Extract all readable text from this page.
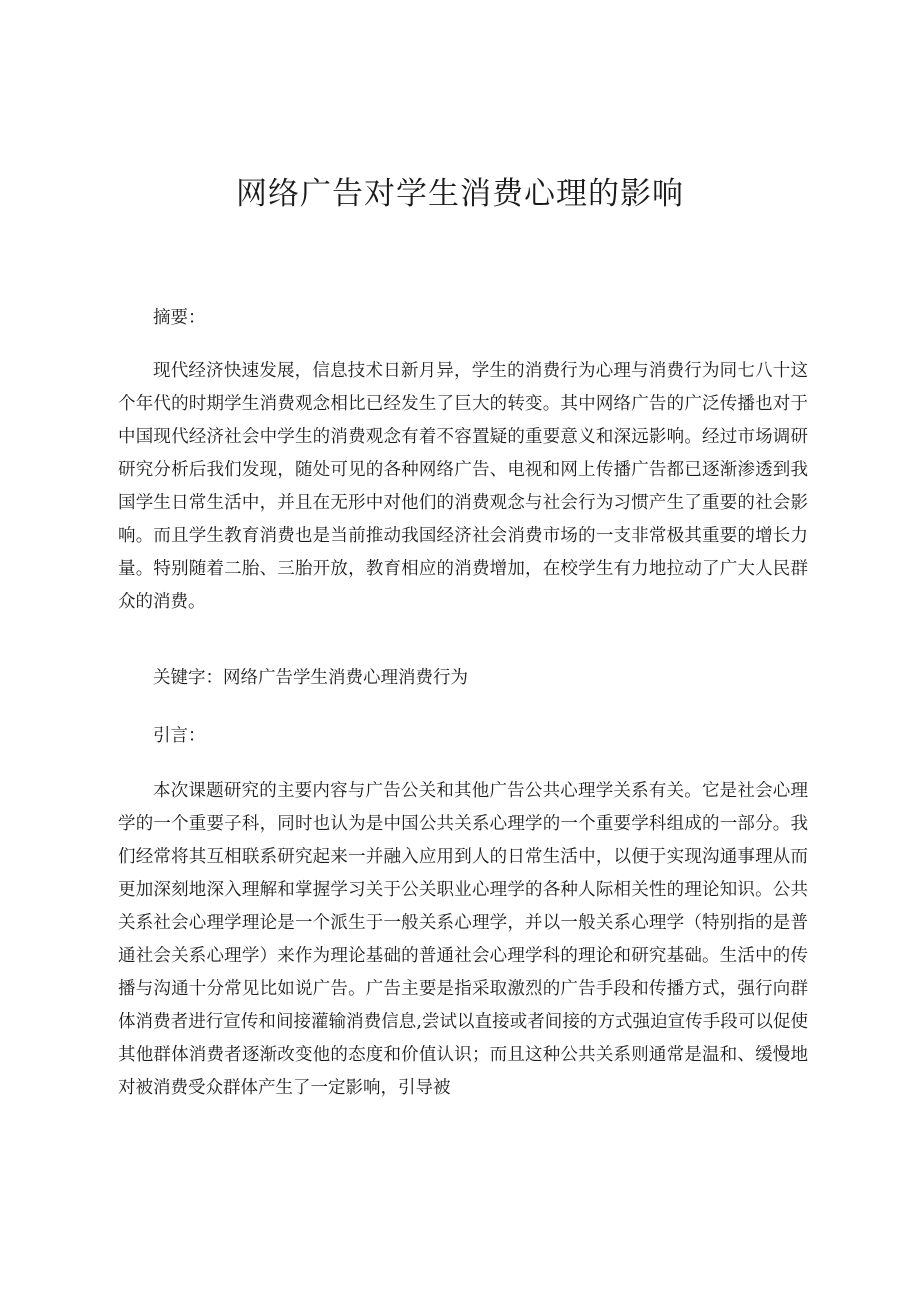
网络广告对学生消费心理的影响

摘要：

现代经济快速发展，信息技术日新月异，学生的消费行为心理与消费行为同七八十这个年代的时期学生消费观念相比已经发生了巨大的转变。其中网络广告的广泛传播也对于中国现代经济社会中学生的消费观念有着不容置疑的重要意义和深远影响。经过市场调研研究分析后我们发现，随处可见的各种网络广告、电视和网上传播广告都已逐渐渗透到我国学生日常生活中，并且在无形中对他们的消费观念与社会行为习惯产生了重要的社会影响。而且学生教育消费也是当前推动我国经济社会消费市场的一支非常极其重要的增长力量。特别随着二胎、三胎开放，教育相应的消费增加，在校学生有力地拉动了广大人民群众的消费。

关键字：网络广告学生消费心理消费行为

引言：

本次课题研究的主要内容与广告公关和其他广告公共心理学关系有关。它是社会心理学的一个重要子科，同时也认为是中国公共关系心理学的一个重要学科组成的一部分。我们经常将其互相联系研究起来一并融入应用到人的日常生活中，以便于实现沟通事理从而更加深刻地深入理解和掌握学习关于公关职业心理学的各种人际相关性的理论知识。公共关系社会心理学理论是一个派生于一般关系心理学，并以一般关系心理学（特别指的是普通社会关系心理学）来作为理论基础的普通社会心理学科的理论和研究基础。生活中的传播与沟通十分常见比如说广告。广告主要是指采取激烈的广告手段和传播方式，强行向群体消费者进行宣传和间接灌输消费信息,尝试以直接或者间接的方式强迫宣传手段可以促使其他群体消费者逐渐改变他的态度和价值认识；而且这种公共关系则通常是温和、缓慢地对被消费受众群体产生了一定影响，引导被
